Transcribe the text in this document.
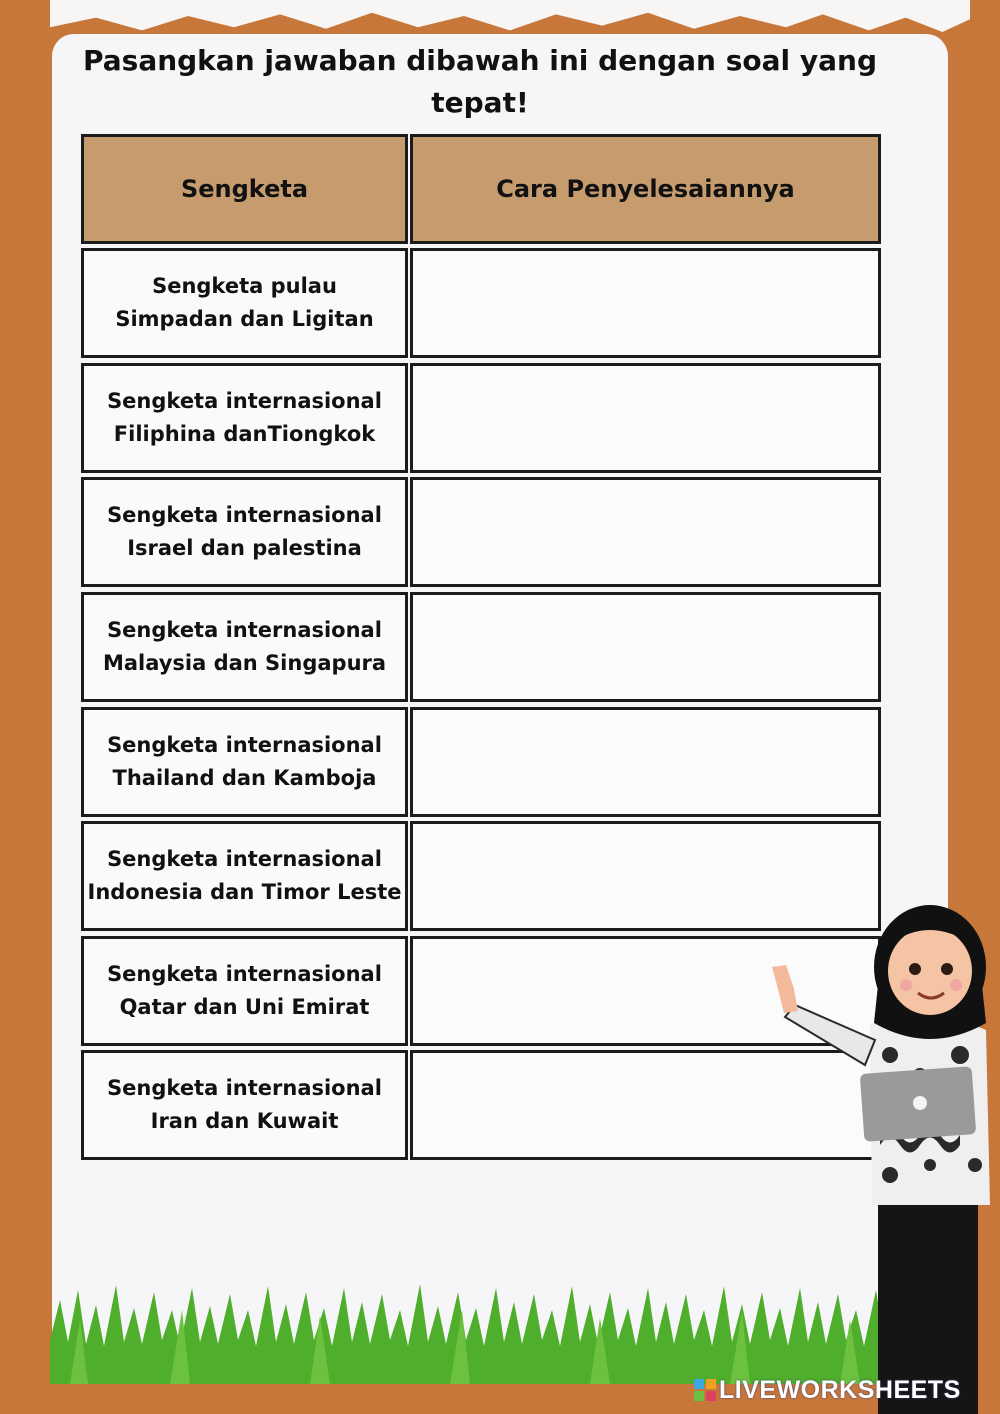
Pasangkan jawaban dibawah ini dengan soal yang tepat!
Sengketa	Cara Penyelesaiannya
Sengketa pulau
Simpadan dan Ligitan
Sengketa internasional
Filiphina danTiongkok
Sengketa internasional
Israel dan palestina
Sengketa internasional
Malaysia dan Singapura
Sengketa internasional
Thailand dan Kamboja
Sengketa internasional
Indonesia dan Timor Leste
Sengketa internasional
Qatar dan Uni Emirat
Sengketa internasional
Iran dan Kuwait
LIVEWORKSHEETS
